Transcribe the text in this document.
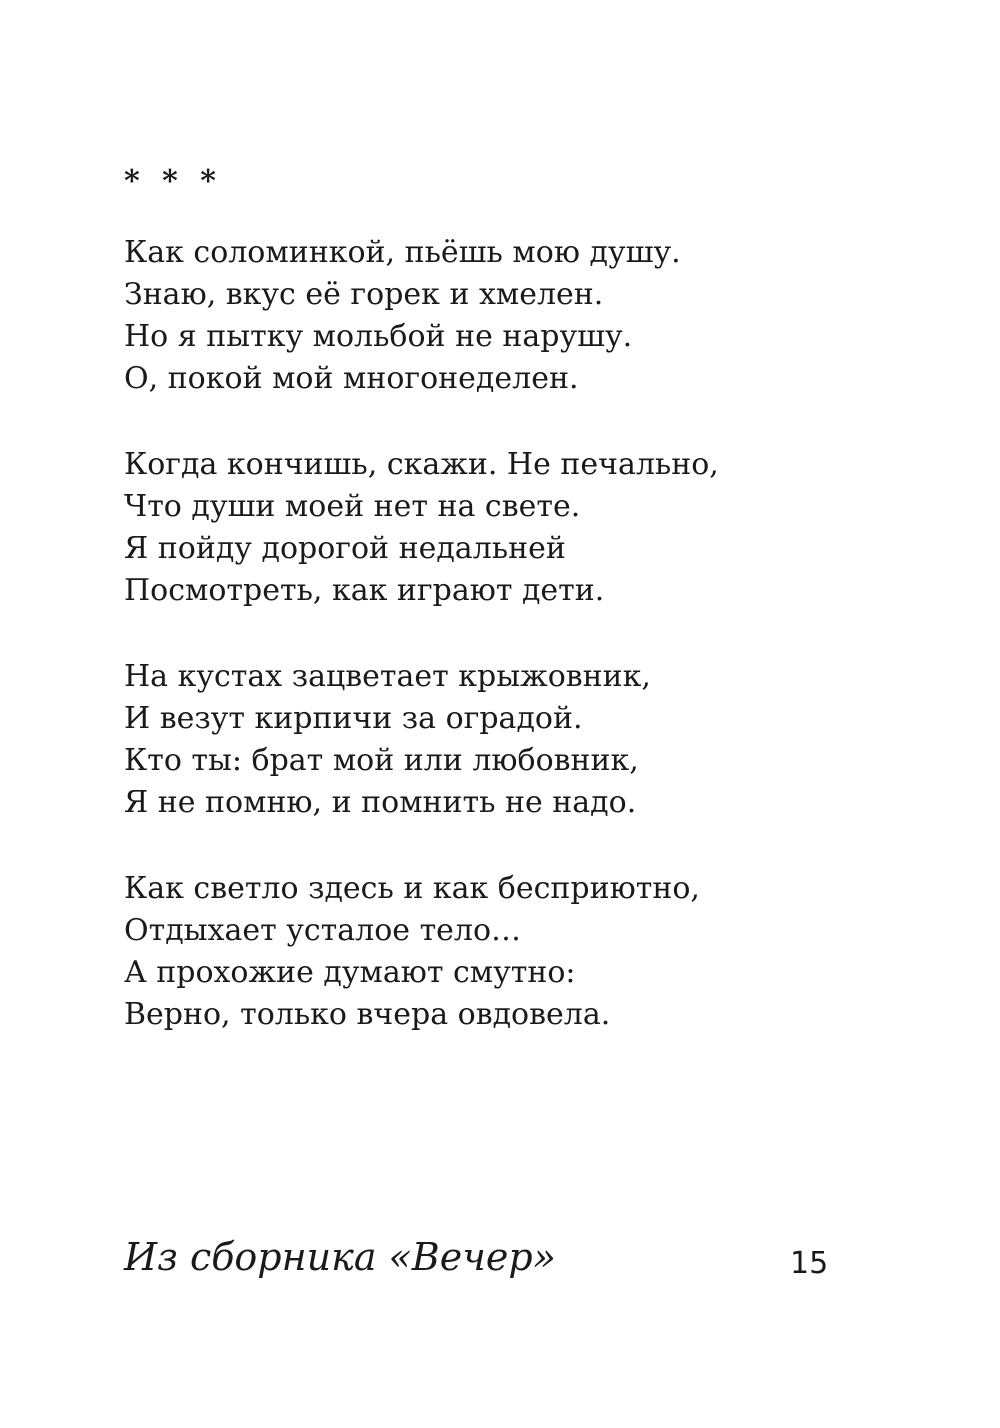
* * *
Как соломинкой, пьёшь мою душу.
Знаю, вкус её горек и хмелен.
Но я пытку мольбой не нарушу.
О, покой мой многонеделен.
Когда кончишь, скажи. Не печально,
Что души моей нет на свете.
Я пойду дорогой недальней
Посмотреть, как играют дети.
На кустах зацветает крыжовник,
И везут кирпичи за оградой.
Кто ты: брат мой или любовник,
Я не помню, и помнить не надо.
Как светло здесь и как бесприютно,
Отдыхает усталое тело…
А прохожие думают смутно:
Верно, только вчера овдовела.
Из сборника «Вечер»	15
